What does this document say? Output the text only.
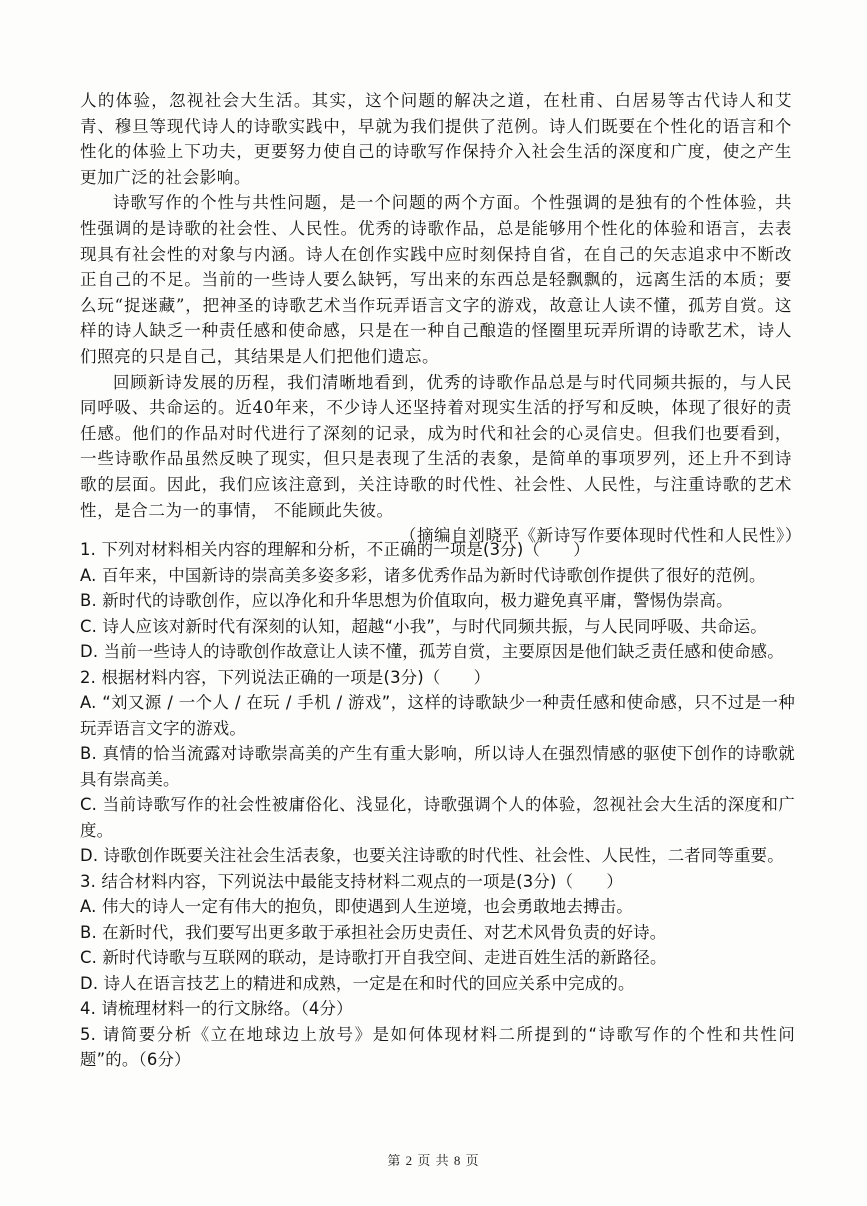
人的体验，忽视社会大生活。其实，这个问题的解决之道，在杜甫、白居易等古代诗人和艾青、穆旦等现代诗人的诗歌实践中，早就为我们提供了范例。诗人们既要在个性化的语言和个性化的体验上下功夫，更要努力使自己的诗歌写作保持介入社会生活的深度和广度，使之产生更加广泛的社会影响。

诗歌写作的个性与共性问题，是一个问题的两个方面。个性强调的是独有的个性体验，共性强调的是诗歌的社会性、人民性。优秀的诗歌作品，总是能够用个性化的体验和语言，去表现具有社会性的对象与内涵。诗人在创作实践中应时刻保持自省，在自己的矢志追求中不断改正自己的不足。当前的一些诗人要么缺钙，写出来的东西总是轻飘飘的，远离生活的本质；要么玩“捉迷藏”，把神圣的诗歌艺术当作玩弄语言文字的游戏，故意让人读不懂，孤芳自赏。这样的诗人缺乏一种责任感和使命感，只是在一种自己酿造的怪圈里玩弄所谓的诗歌艺术，诗人们照亮的只是自己，其结果是人们把他们遗忘。

回顾新诗发展的历程，我们清晰地看到，优秀的诗歌作品总是与时代同频共振的，与人民同呼吸、共命运的。近40年来，不少诗人还坚持着对现实生活的抒写和反映，体现了很好的责任感。他们的作品对时代进行了深刻的记录，成为时代和社会的心灵信史。但我们也要看到，一些诗歌作品虽然反映了现实，但只是表现了生活的表象，是简单的事项罗列，还上升不到诗歌的层面。因此，我们应该注意到，关注诗歌的时代性、社会性、人民性，与注重诗歌的艺术性，是合二为一的事情， 不能顾此失彼。

（摘编自刘晓平《新诗写作要体现时代性和人民性》）

1. 下列对材料相关内容的理解和分析，不正确的一项是(3分)（　　）

A. 百年来，中国新诗的崇高美多姿多彩，诸多优秀作品为新时代诗歌创作提供了很好的范例。

B. 新时代的诗歌创作，应以净化和升华思想为价值取向，极力避免真平庸，警惕伪崇高。

C. 诗人应该对新时代有深刻的认知，超越“小我”，与时代同频共振，与人民同呼吸、共命运。

D. 当前一些诗人的诗歌创作故意让人读不懂，孤芳自赏，主要原因是他们缺乏责任感和使命感。

2. 根据材料内容，下列说法正确的一项是(3分)（　　）

A. “刘又源 / 一个人 / 在玩 / 手机 / 游戏”，这样的诗歌缺少一种责任感和使命感，只不过是一种玩弄语言文字的游戏。

B. 真情的恰当流露对诗歌崇高美的产生有重大影响，所以诗人在强烈情感的驱使下创作的诗歌就具有崇高美。

C. 当前诗歌写作的社会性被庸俗化、浅显化，诗歌强调个人的体验，忽视社会大生活的深度和广度。

D. 诗歌创作既要关注社会生活表象，也要关注诗歌的时代性、社会性、人民性，二者同等重要。

3. 结合材料内容，下列说法中最能支持材料二观点的一项是(3分)（　　）

A. 伟大的诗人一定有伟大的抱负，即使遇到人生逆境，也会勇敢地去搏击。

B. 在新时代，我们要写出更多敢于承担社会历史责任、对艺术风骨负责的好诗。

C. 新时代诗歌与互联网的联动，是诗歌打开自我空间、走进百姓生活的新路径。

D. 诗人在语言技艺上的精进和成熟，一定是在和时代的回应关系中完成的。

4. 请梳理材料一的行文脉络。（4分）

5. 请简要分析《立在地球边上放号》是如何体现材料二所提到的“诗歌写作的个性和共性问题”的。（6分）

第 2 页 共 8 页
